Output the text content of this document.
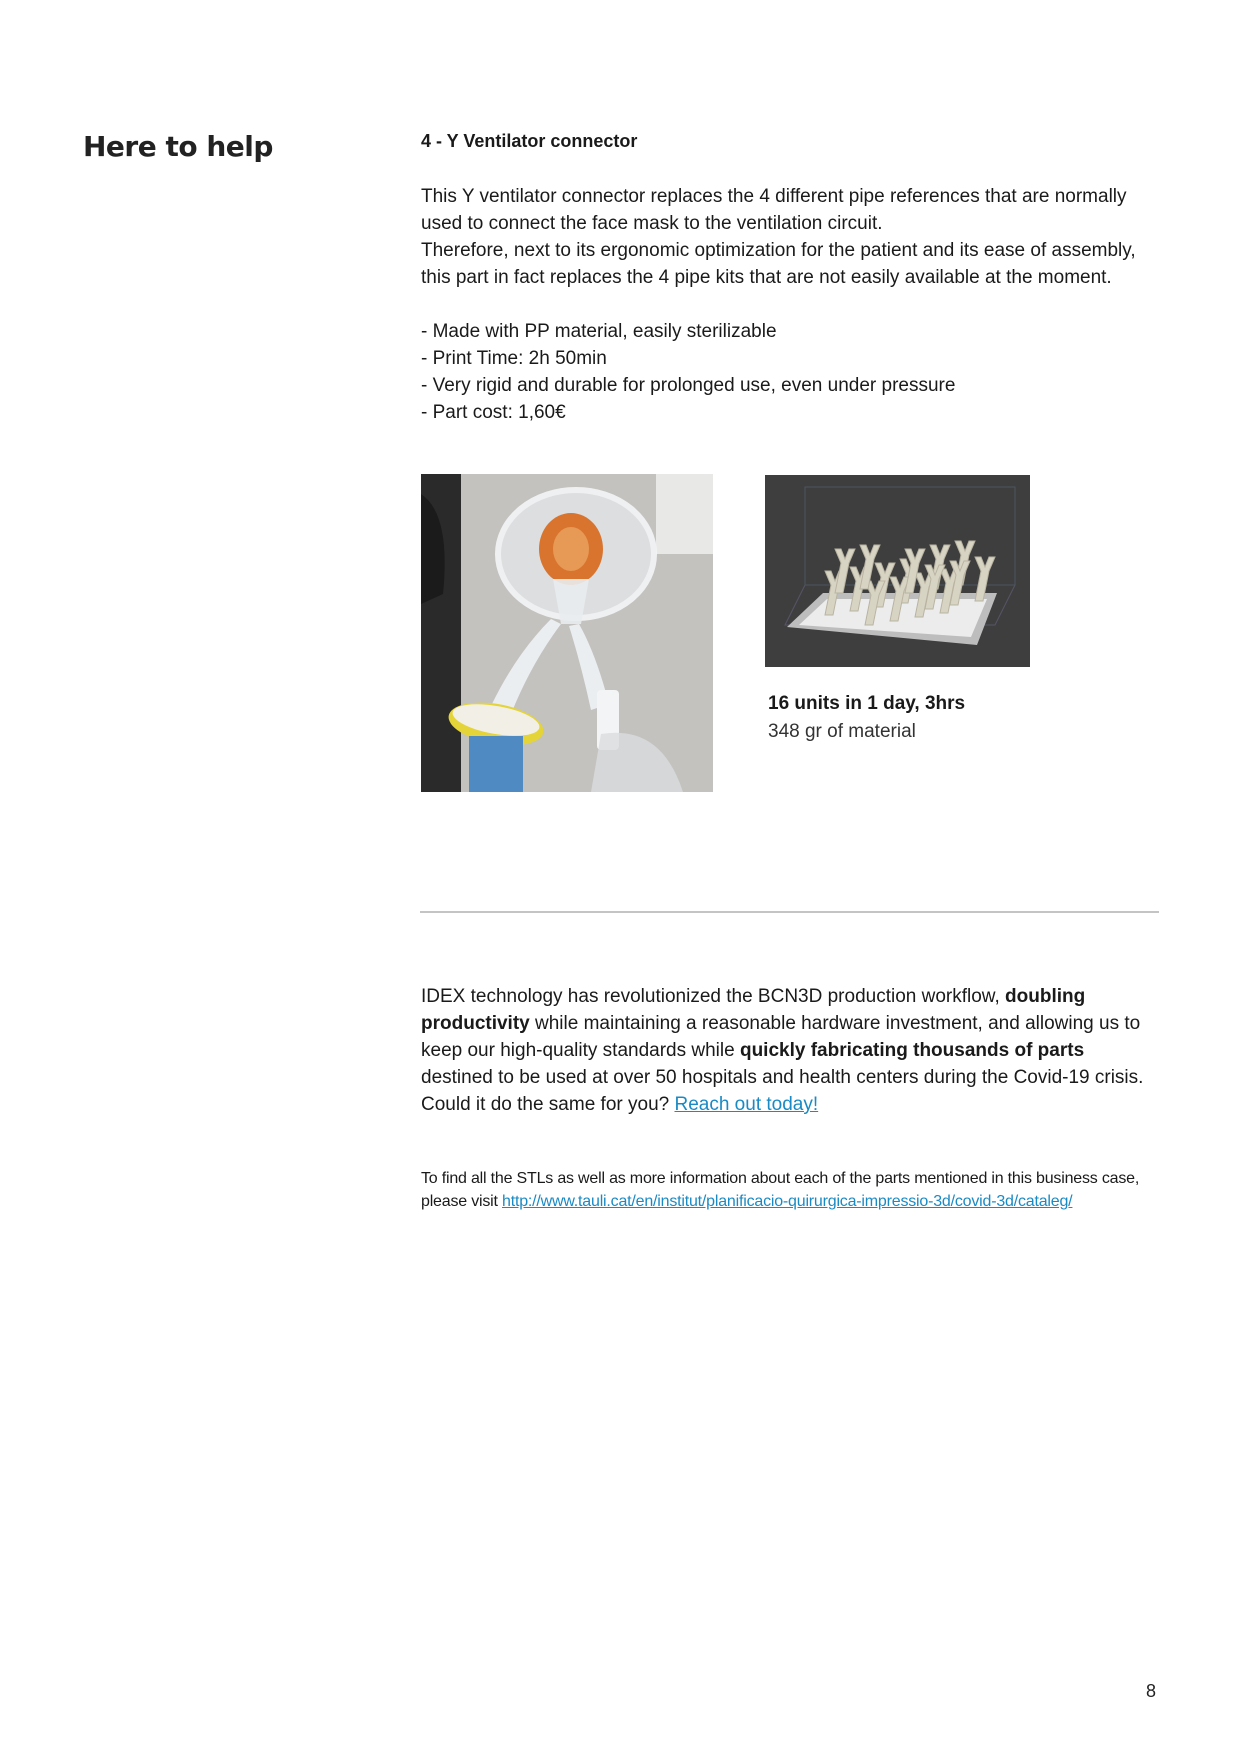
Here to help	4 - Y Ventilator connector
This Y ventilator connector replaces the 4 different pipe references that are normally used to connect the face mask to the ventilation circuit.
Therefore, next to its ergonomic optimization for the patient and its ease of assembly, this part in fact replaces the 4 pipe kits that are not easily available at the moment.
- Made with PP material, easily sterilizable
- Print Time: 2h 50min
- Very rigid and durable for prolonged use, even under pressure
- Part cost: 1,60€
16 units in 1 day, 3hrs
348 gr of material
IDEX technology has revolutionized the BCN3D production workflow, doubling productivity while maintaining a reasonable hardware investment, and allowing us to keep our high-quality standards while quickly fabricating thousands of parts destined to be used at over 50 hospitals and health centers during the Covid-19 crisis. Could it do the same for you? Reach out today!
To find all the STLs as well as more information about each of the parts mentioned in this business case, please visit http://www.tauli.cat/en/institut/planificacio-quirurgica-impressio-3d/covid-3d/cataleg/
8
